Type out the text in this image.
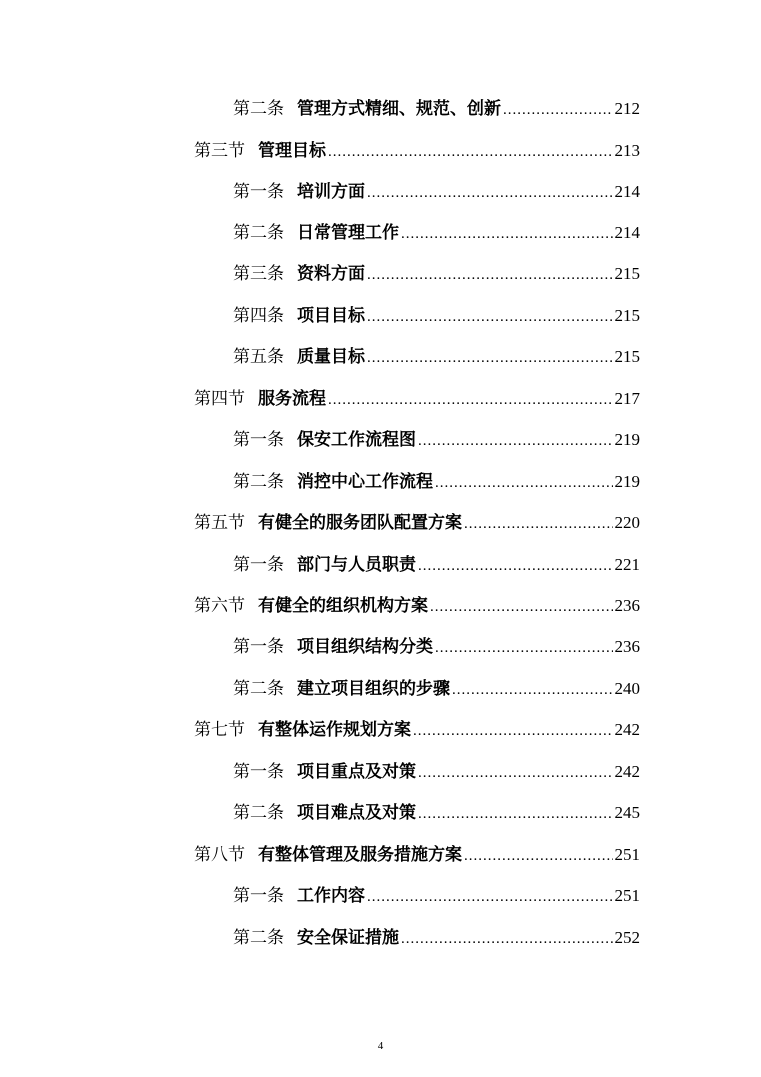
第二条 管理方式精细、规范、创新 .....	212
第三节 管理目标 .....	213
第一条 培训方面 .....	214
第二条 日常管理工作 .....	214
第三条 资料方面 .....	215
第四条 项目目标 .....	215
第五条 质量目标 .....	215
第四节 服务流程 .....	217
第一条 保安工作流程图 .....	219
第二条 消控中心工作流程 .....	219
第五节 有健全的服务团队配置方案 .....	220
第一条 部门与人员职责 .....	221
第六节 有健全的组织机构方案 .....	236
第一条 项目组织结构分类 .....	236
第二条 建立项目组织的步骤 .....	240
第七节 有整体运作规划方案 .....	242
第一条 项目重点及对策 .....	242
第二条 项目难点及对策 .....	245
第八节 有整体管理及服务措施方案 .....	251
第一条 工作内容 .....	251
第二条 安全保证措施 .....	252
4
